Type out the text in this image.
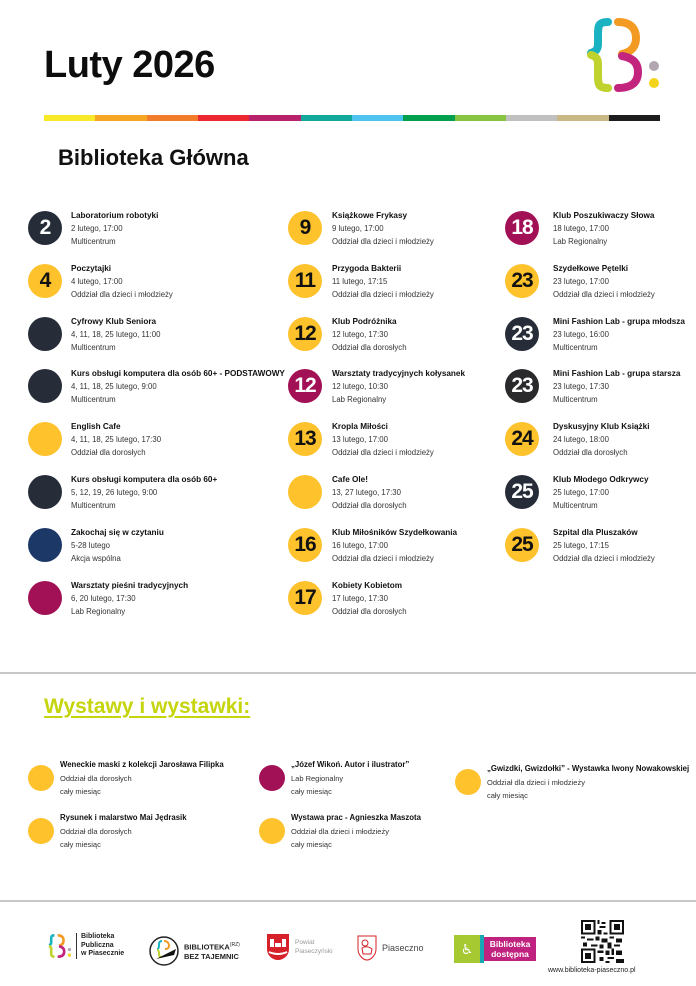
Luty 2026
Biblioteka Główna
2
Laboratorium robotyki
2 lutego, 17:00
Multicentrum
4
Poczytajki
4 lutego, 17:00
Oddział dla dzieci i młodzieży
Cyfrowy Klub Seniora
4, 11, 18, 25 lutego, 11:00
Multicentrum
Kurs obsługi komputera dla osób 60+ - PODSTAWOWY
4, 11, 18, 25 lutego, 9:00
Multicentrum
English Cafe
4, 11, 18, 25 lutego, 17:30
Oddział dla dorosłych
Kurs obsługi komputera dla osób 60+
5, 12, 19, 26 lutego, 9:00
Multicentrum
Zakochaj się w czytaniu
5-28 lutego
Akcja wspólna
Warsztaty pieśni tradycyjnych
6, 20 lutego, 17:30
Lab Regionalny
9
Książkowe Frykasy
9 lutego, 17:00
Oddział dla dzieci i młodzieży
11
Przygoda Bakterii
11 lutego, 17:15
Oddział dla dzieci i młodzieży
12
Klub Podróżnika
12 lutego, 17:30
Oddział dla dorosłych
12
Warsztaty tradycyjnych kołysanek
12 lutego, 10:30
Lab Regionalny
13
Kropla Miłości
13 lutego, 17:00
Oddział dla dzieci i młodzieży
Cafe Ole!
13, 27 lutego, 17:30
Oddział dla dorosłych
16
Klub Miłośników Szydełkowania
16 lutego, 17:00
Oddział dla dzieci i młodzieży
17
Kobiety Kobietom
17 lutego, 17:30
Oddział dla dorosłych
18
Klub Poszukiwaczy Słowa
18 lutego, 17:00
Lab Regionalny
23
Szydełkowe Pętelki
23 lutego, 17:00
Oddział dla dzieci i młodzieży
23
Mini Fashion Lab - grupa młodsza
23 lutego, 16:00
Multicentrum
23
Mini Fashion Lab - grupa starsza
23 lutego, 17:30
Multicentrum
24
Dyskusyjny Klub Książki
24 lutego, 18:00
Oddział dla dorosłych
25
Klub Młodego Odkrywcy
25 lutego, 17:00
Multicentrum
25
Szpital dla Pluszaków
25 lutego, 17:15
Oddział dla dzieci i młodzieży
Wystawy i wystawki:
Weneckie maski z kolekcji Jarosława Filipka
Oddział dla dorosłych
cały miesiąc
„Józef Wikoń. Autor i ilustrator”
Lab Regionalny
cały miesiąc
„Gwizdki, Gwizdołki” - Wystawka Iwony Nowakowskiej
Oddział dla dzieci i młodzieży
cały miesiąc
Rysunek i malarstwo Mai Jędrasik
Oddział dla dorosłych
cały miesiąc
Wystawa prac - Agnieszka Maszota
Oddział dla dzieci i młodzieży
cały miesiąc
Biblioteka
Publiczna
w Piasecznie
$BIBLIOTEKA^{(RZ)}$
BEZ TAJEMNIC
Powiat
Piaseczyński	Piaseczno	♿	Biblioteka
dostępna
www.biblioteka-piaseczno.pl
